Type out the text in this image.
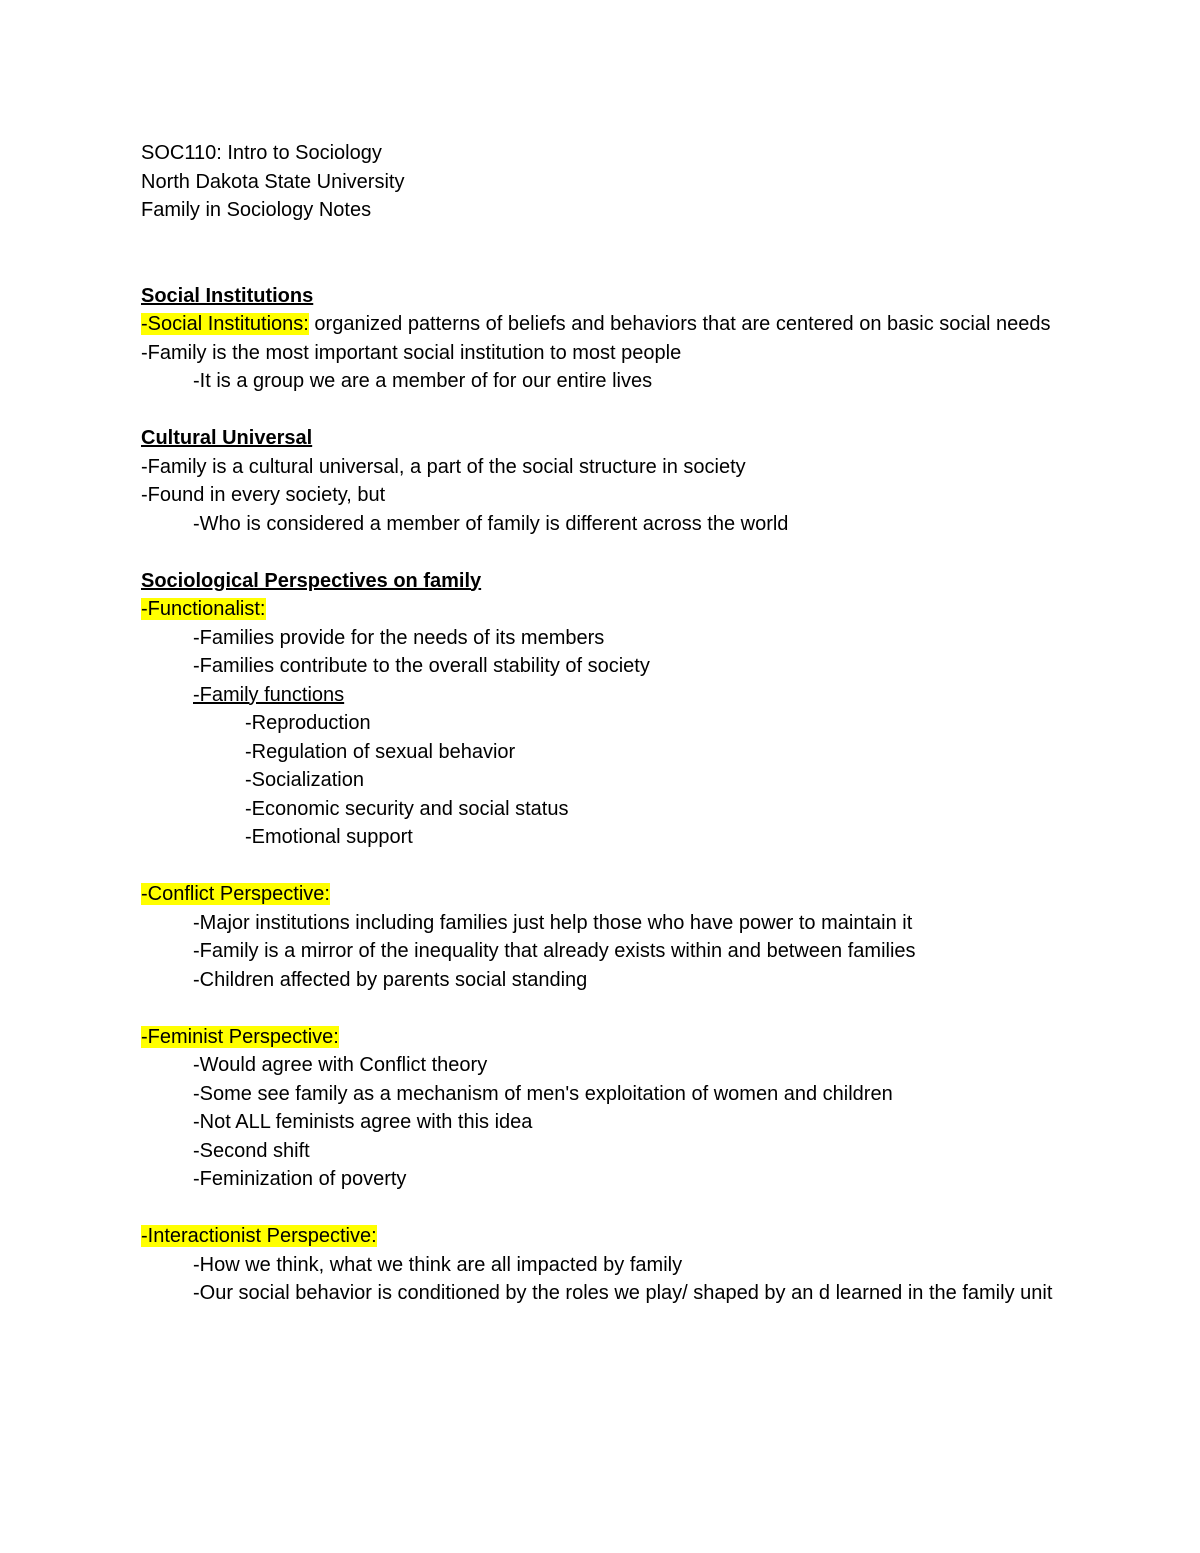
SOC110: Intro to Sociology

North Dakota State University

Family in Sociology Notes

Social Institutions

-Social Institutions: organized patterns of beliefs and behaviors that are centered on basic social needs

-Family is the most important social institution to most people

-It is a group we are a member of for our entire lives

Cultural Universal

-Family is a cultural universal, a part of the social structure in society

-Found in every society, but

-Who is considered a member of family is different across the world

Sociological Perspectives on family

-Functionalist:

-Families provide for the needs of its members

-Families contribute to the overall stability of society

-Family functions

-Reproduction

-Regulation of sexual behavior

-Socialization

-Economic security and social status

-Emotional support

-Conflict Perspective:

-Major institutions including families just help those who have power to maintain it

-Family is a mirror of the inequality that already exists within and between families

-Children affected by parents social standing

-Feminist Perspective:

-Would agree with Conflict theory

-Some see family as a mechanism of men's exploitation of women and children

-Not ALL feminists agree with this idea

-Second shift

-Feminization of poverty

-Interactionist Perspective:

-How we think, what we think are all impacted by family

-Our social behavior is conditioned by the roles we play/ shaped by an d learned in the family unit
